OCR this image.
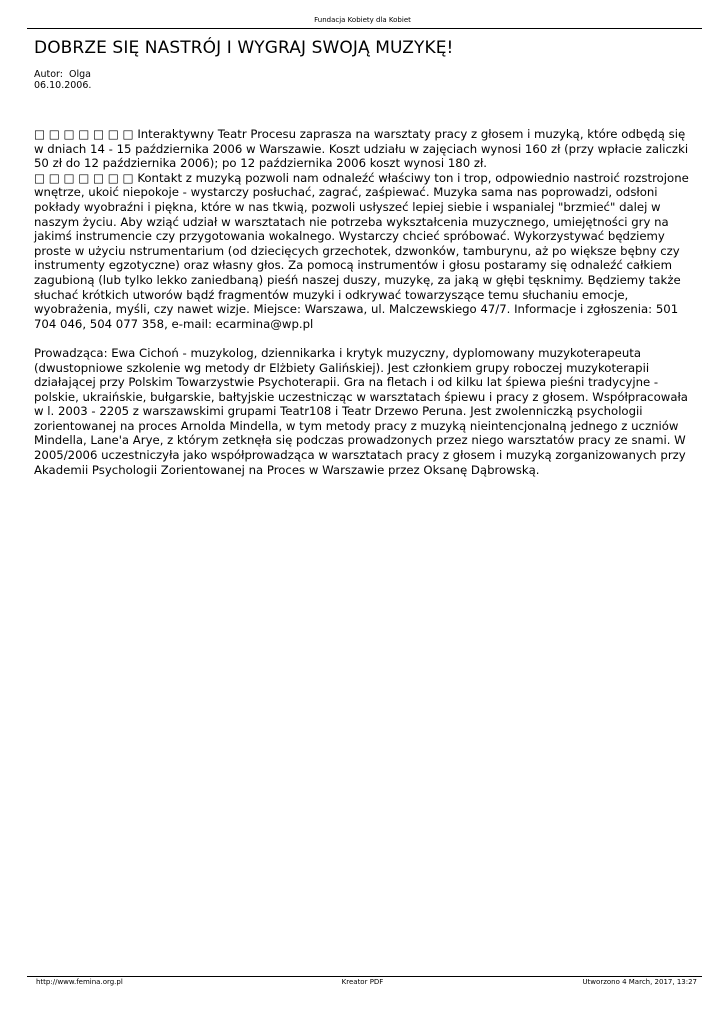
Fundacja Kobiety dla Kobiet
DOBRZE SIĘ NASTRÓJ I WYGRAJ SWOJĄ MUZYKĘ!
Autor:  Olga
06.10.2006.

□ □ □ □ □ □ □ Interaktywny Teatr Procesu zaprasza na warsztaty pracy z głosem i muzyką, które odbędą się w dniach 14 - 15 października 2006 w Warszawie. Koszt udziału w zajęciach wynosi 160 zł (przy wpłacie zaliczki 50 zł do 12 października 2006); po 12 października 2006 koszt wynosi 180 zł.
□ □ □ □ □ □ □ Kontakt z muzyką pozwoli nam odnaleźć właściwy ton i trop, odpowiednio nastroić rozstrojone wnętrze, ukoić niepokoje - wystarczy posłuchać, zagrać, zaśpiewać. Muzyka sama nas poprowadzi, odsłoni pokłady wyobraźni i piękna, które w nas tkwią, pozwoli usłyszeć lepiej siebie i wspanialej "brzmieć" dalej w naszym życiu. Aby wziąć udział w warsztatach nie potrzeba wykształcenia muzycznego, umiejętności gry na jakimś instrumencie czy przygotowania wokalnego. Wystarczy chcieć spróbować. Wykorzystywać będziemy proste w użyciu nstrumentarium (od dziecięcych grzechotek, dzwonków, tamburynu, aż po większe bębny czy instrumenty egzotyczne) oraz własny głos. Za pomocą instrumentów i głosu postaramy się odnaleźć całkiem zagubioną (lub tylko lekko zaniedbaną) pieśń naszej duszy, muzykę, za jaką w głębi tęsknimy. Będziemy także słuchać krótkich utworów bądź fragmentów muzyki i odkrywać towarzyszące temu słuchaniu emocje, wyobrażenia, myśli, czy nawet wizje. Miejsce: Warszawa, ul. Malczewskiego 47/7. Informacje i zgłoszenia: 501 704 046, 504 077 358, e-mail: ecarmina@wp.pl

Prowadząca: Ewa Cichoń - muzykolog, dziennikarka i krytyk muzyczny, dyplomowany muzykoterapeuta (dwustopniowe szkolenie wg metody dr Elżbiety Galińskiej). Jest członkiem grupy roboczej muzykoterapii działającej przy Polskim Towarzystwie Psychoterapii. Gra na fletach i od kilku lat śpiewa pieśni tradycyjne - polskie, ukraińskie, bułgarskie, bałtyjskie uczestnicząc w warsztatach śpiewu i pracy z głosem. Współpracowała w l. 2003 - 2205 z warszawskimi grupami Teatr108 i Teatr Drzewo Peruna. Jest zwolenniczką psychologii zorientowanej na proces Arnolda Mindella, w tym metody pracy z muzyką nieintencjonalną jednego z uczniów Mindella, Lane'a Arye, z którym zetknęła się podczas prowadzonych przez niego warsztatów pracy ze snami. W 2005/2006 uczestniczyła jako współprowadząca w warsztatach pracy z głosem i muzyką zorganizowanych przy Akademii Psychologii Zorientowanej na Proces w Warszawie przez Oksanę Dąbrowską.

http://www.femina.org.pl	Kreator PDF	Utworzono 4 March, 2017, 13:27
